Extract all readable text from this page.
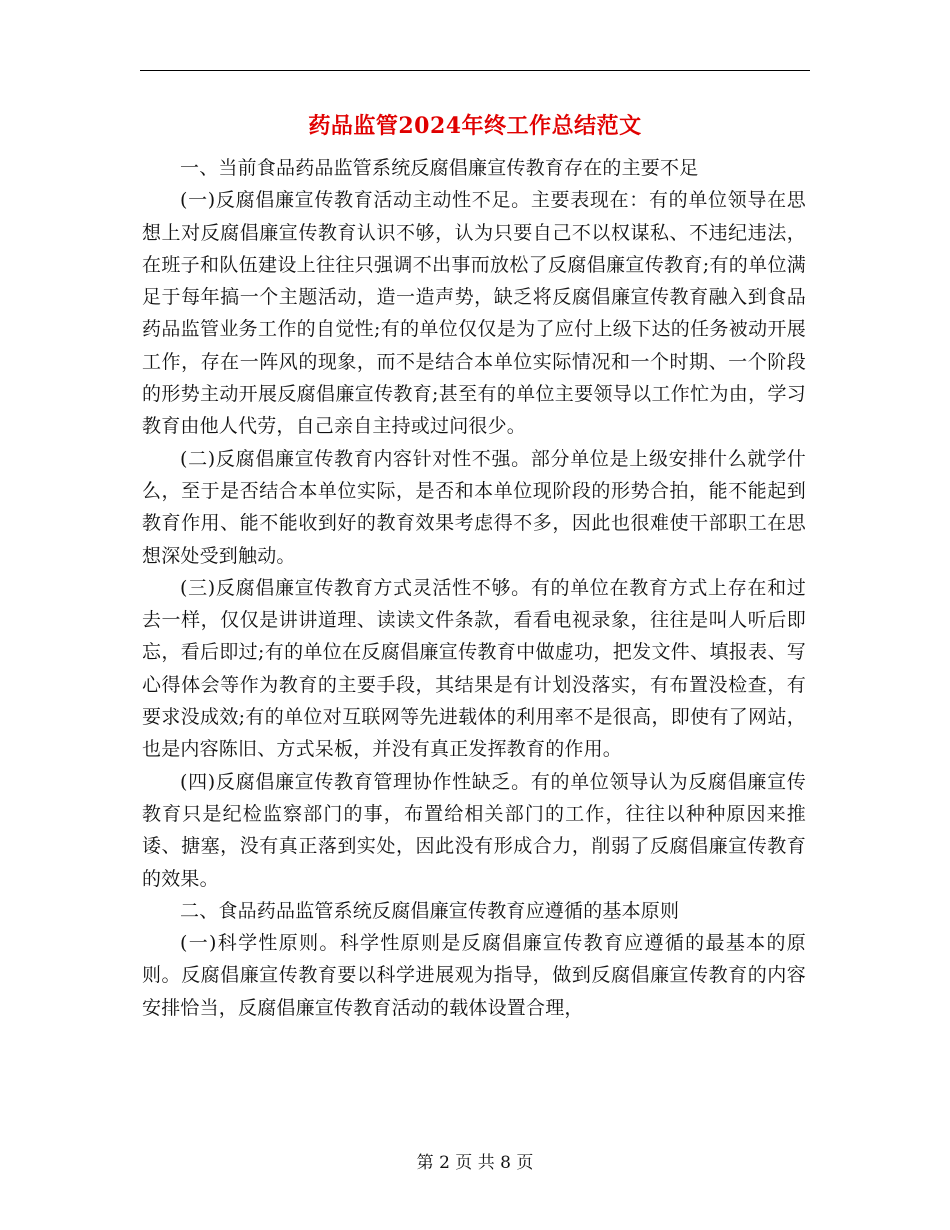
药品监管2024年终工作总结范文

一、当前食品药品监管系统反腐倡廉宣传教育存在的主要不足

(一)反腐倡廉宣传教育活动主动性不足。主要表现在：有的单位领导在思想上对反腐倡廉宣传教育认识不够，认为只要自己不以权谋私、不违纪违法，在班子和队伍建设上往往只强调不出事而放松了反腐倡廉宣传教育;有的单位满足于每年搞一个主题活动，造一造声势，缺乏将反腐倡廉宣传教育融入到食品药品监管业务工作的自觉性;有的单位仅仅是为了应付上级下达的任务被动开展工作，存在一阵风的现象，而不是结合本单位实际情况和一个时期、一个阶段的形势主动开展反腐倡廉宣传教育;甚至有的单位主要领导以工作忙为由，学习教育由他人代劳，自己亲自主持或过问很少。

(二)反腐倡廉宣传教育内容针对性不强。部分单位是上级安排什么就学什么，至于是否结合本单位实际，是否和本单位现阶段的形势合拍，能不能起到教育作用、能不能收到好的教育效果考虑得不多，因此也很难使干部职工在思想深处受到触动。

(三)反腐倡廉宣传教育方式灵活性不够。有的单位在教育方式上存在和过去一样，仅仅是讲讲道理、读读文件条款，看看电视录象，往往是叫人听后即忘，看后即过;有的单位在反腐倡廉宣传教育中做虚功，把发文件、填报表、写心得体会等作为教育的主要手段，其结果是有计划没落实，有布置没检查，有要求没成效;有的单位对互联网等先进载体的利用率不是很高，即使有了网站，也是内容陈旧、方式呆板，并没有真正发挥教育的作用。

(四)反腐倡廉宣传教育管理协作性缺乏。有的单位领导认为反腐倡廉宣传教育只是纪检监察部门的事，布置给相关部门的工作，往往以种种原因来推诿、搪塞，没有真正落到实处，因此没有形成合力，削弱了反腐倡廉宣传教育的效果。

二、食品药品监管系统反腐倡廉宣传教育应遵循的基本原则

(一)科学性原则。科学性原则是反腐倡廉宣传教育应遵循的最基本的原则。反腐倡廉宣传教育要以科学进展观为指导，做到反腐倡廉宣传教育的内容安排恰当，反腐倡廉宣传教育活动的载体设置合理，

第 2 页 共 8 页
